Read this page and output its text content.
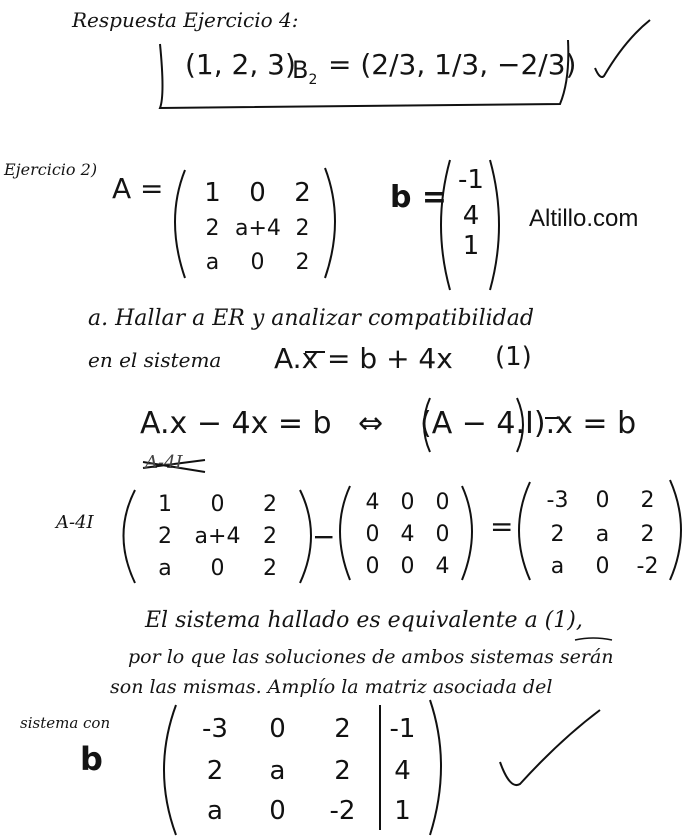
Respuesta Ejercicio 4:
(1, 2, 3)
$B_2 = (2/3$, 1/3, −2/3)
Altillo.com
Ejercicio 2)
A =	1 0 2
2 a+4 2
a 0 2
b = -1
4
1
a. Hallar a ER y analizar compatibilidad
en el sistema A.x = b + 4x (1)
A.x − 4x = b ⇔ (A − 4.I).x = b
A-4I
A-4I
1 0 2
2 a+4 2
a 0 2
−
4 0 0
0 4 0
0 0 4
=
-3 0 2
2 a 2
a 0 -2
El sistema hallado es equivalente a (1),
por lo que las soluciones de ambos sistemas serán
son las mismas. Amplío la matriz asociada del
sistema con
b
-3 0 2 -1
2 a 2 4
a 0 -2 1
